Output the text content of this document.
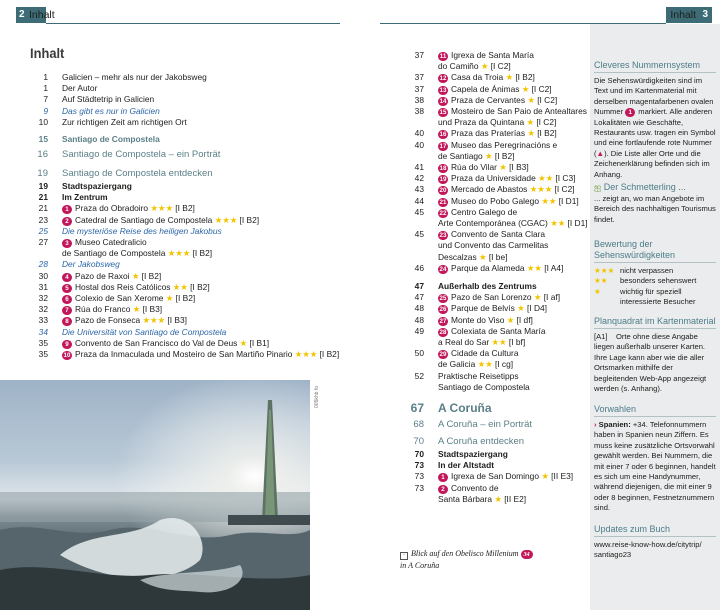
2 Inhalt	Inhalt 3
Inhalt
1 Galicien – mehr als nur der Jakobsweg
1 Der Autor
7 Auf Städtetrip in Galicien
9 Das gibt es nur in Galicien
10 Zur richtigen Zeit am richtigen Ort
15 Santiago de Compostela
16 Santiago de Compostela – ein Porträt
19 Santiago de Compostela entdecken
19 Stadtspaziergang
21 Im Zentrum
21	1 Praza do Obradoiro ★★★ [I B2]
23	2 Catedral de Santiago de Compostela ★★★ [I B2]
25 Die mysteriöse Reise des heiligen Jakobus
27	3 Museo Catedralicio
de Santiago de Compostela ★★★ [I B2]
28 Der Jakobsweg
30	4 Pazo de Raxoi ★ [I B2]
31	5 Hostal dos Reis Católicos ★★ [I B2]
32	6 Colexio de San Xerome ★ [I B2]
32	7 Rúa do Franco ★ [I B3]
33	8 Pazo de Fonseca ★★★ [I B3]
34 Die Universität von Santiago de Compostela
35	9 Convento de San Francisco do Val de Deus ★ [I B1]
35	10 Praza da Inmaculada und Mosteiro de San Martiño Pinario ★★★ [I B2]
37	11 Igrexa de Santa María
do Camiño ★ [I C2]
37	12 Casa da Troia ★ [I B2]
37	13 Capela de Ánimas ★ [I C2]
38	14 Praza de Cervantes ★ [I C2]
38	15 Mosteiro de San Paio de Antealtares
und Praza da Quintana ★ [I C2]
40	16 Praza das Praterías ★ [I B2]
40	17 Museo das Peregrinacións e
de Santiago ★ [I B2]
41	18 Rúa do Vilar ★ [I B3]
42	19 Praza da Universidade ★★ [I C3]
43	20 Mercado de Abastos ★★★ [I C2]
44	21 Museo do Pobo Galego ★★ [I D1]
45	22 Centro Galego de
Arte Contemporánea (CGAC) ★★ [I D1]
45	23 Convento de Santa Clara
und Convento das Carmelitas
Descalzas ★ [I be]
46	24 Parque da Alameda ★★ [I A4]
47 Außerhalb des Zentrums
47	25 Pazo de San Lorenzo ★ [I af]
48	26 Parque de Belvís ★ [I D4]
48	27 Monte do Viso ★ [I df]
49	28 Colexiata de Santa María
a Real do Sar ★★ [I bf]
50	29 Cidade da Cultura
de Galicia ★★ [I cg]
52 Praktische Reisetipps
Santiago de Compostela
67 A Coruña
68 A Coruña – ein Porträt
70 A Coruña entdecken
70 Stadtspaziergang
73 In der Altstadt
73	1 Igrexa de San Domingo ★ [II E3]
73	2 Convento de
Santa Bárbara ★ [II E2]
005khb fo
◦ Blick auf den Obelisco Millenium 34
in A Coruña
Cleveres Nummernsystem
Die Sehenswürdigkeiten sind im Text und im Kartenmaterial mit derselben magentafarbenen ovalen Nummer 1 markiert. Alle anderen Lokalitäten wie Geschäfte, Restaurants usw. tragen ein Symbol und eine fortlaufende rote Nummer (▲). Die Liste aller Orte und die Zeichenerklärung befinden sich im Anhang.
ஐ Der Schmetterling ...
... zeigt an, wo man Angebote im Bereich des nachhaltigen Tourismus findet.
Bewertung der
Sehenswürdigkeiten
★★★ nicht verpassen
★★ besonders sehenswert
★	wichtig für speziell
interessierte Besucher
Planquadrat im Kartenmaterial
[A1] Orte ohne diese Angabe liegen außerhalb unserer Karten. Ihre Lage kann aber wie die aller Ortsmarken mithilfe der begleitenden Web-App angezeigt werden (s. Anhang).
Vorwahlen
› Spanien: +34. Telefonnummern haben in Spanien neun Ziffern. Es muss keine zusätzliche Ortsvorwahl gewählt werden. Bei Nummern, die mit einer 7 oder 6 beginnen, handelt es sich um eine Handynummer, während diejenigen, die mit einer 9 oder 8 beginnen, Festnetznummern sind.
Updates zum Buch
www.reise-know-how.de/citytrip/
santiago23
